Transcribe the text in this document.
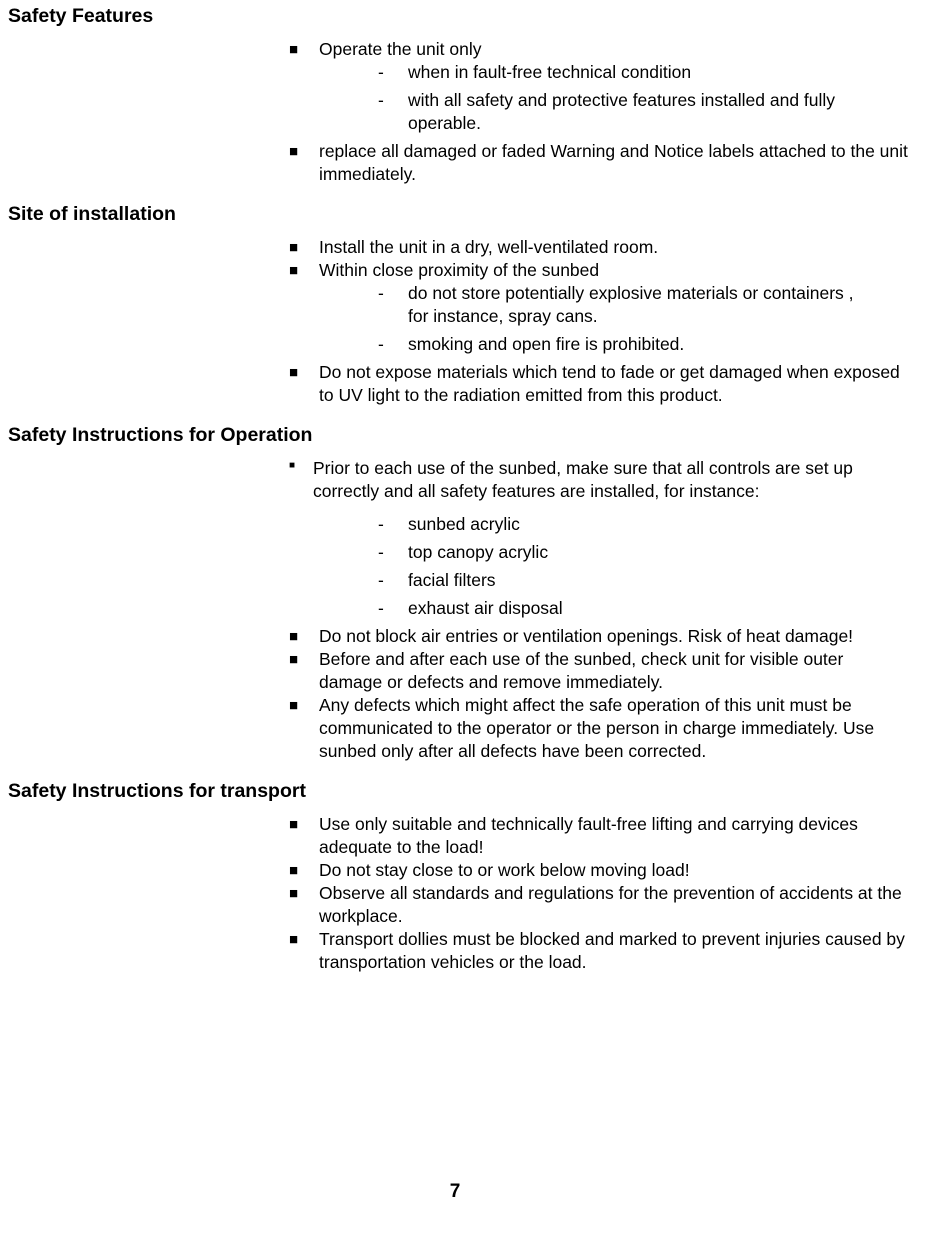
Safety Features
■ Operate the unit only
- when in fault-free technical condition
- with all safety and protective features installed and fully operable.
■ replace all damaged or faded Warning and Notice labels attached to the unit immediately.
Site of installation
■ Install the unit in a dry, well-ventilated room.
■ Within close proximity of the sunbed
- do not store potentially explosive materials or containers , for instance, spray cans.
- smoking and open fire is prohibited.
■ Do not expose materials which tend to fade or get damaged when exposed to UV light to the radiation emitted from this product.
Safety Instructions for Operation
■ Prior to each use of the sunbed, make sure that all controls are set up correctly and all safety features are installed, for instance:
- sunbed acrylic
- top canopy acrylic
- facial filters
- exhaust air disposal
■ Do not block air entries or ventilation openings. Risk of heat damage!
■ Before and after each use of the sunbed, check unit for visible outer damage or defects and remove immediately.
■ Any defects which might affect the safe operation of this unit must be communicated to the operator or the person in charge immediately. Use sunbed only after all defects have been corrected.
Safety Instructions for transport
■ Use only suitable and technically fault-free lifting and carrying devices adequate to the load!
■ Do not stay close to or work below moving load!
■ Observe all standards and regulations for the prevention of accidents at the workplace.
■ Transport dollies must be blocked and marked to prevent injuries caused by transportation vehicles or the load.
7
